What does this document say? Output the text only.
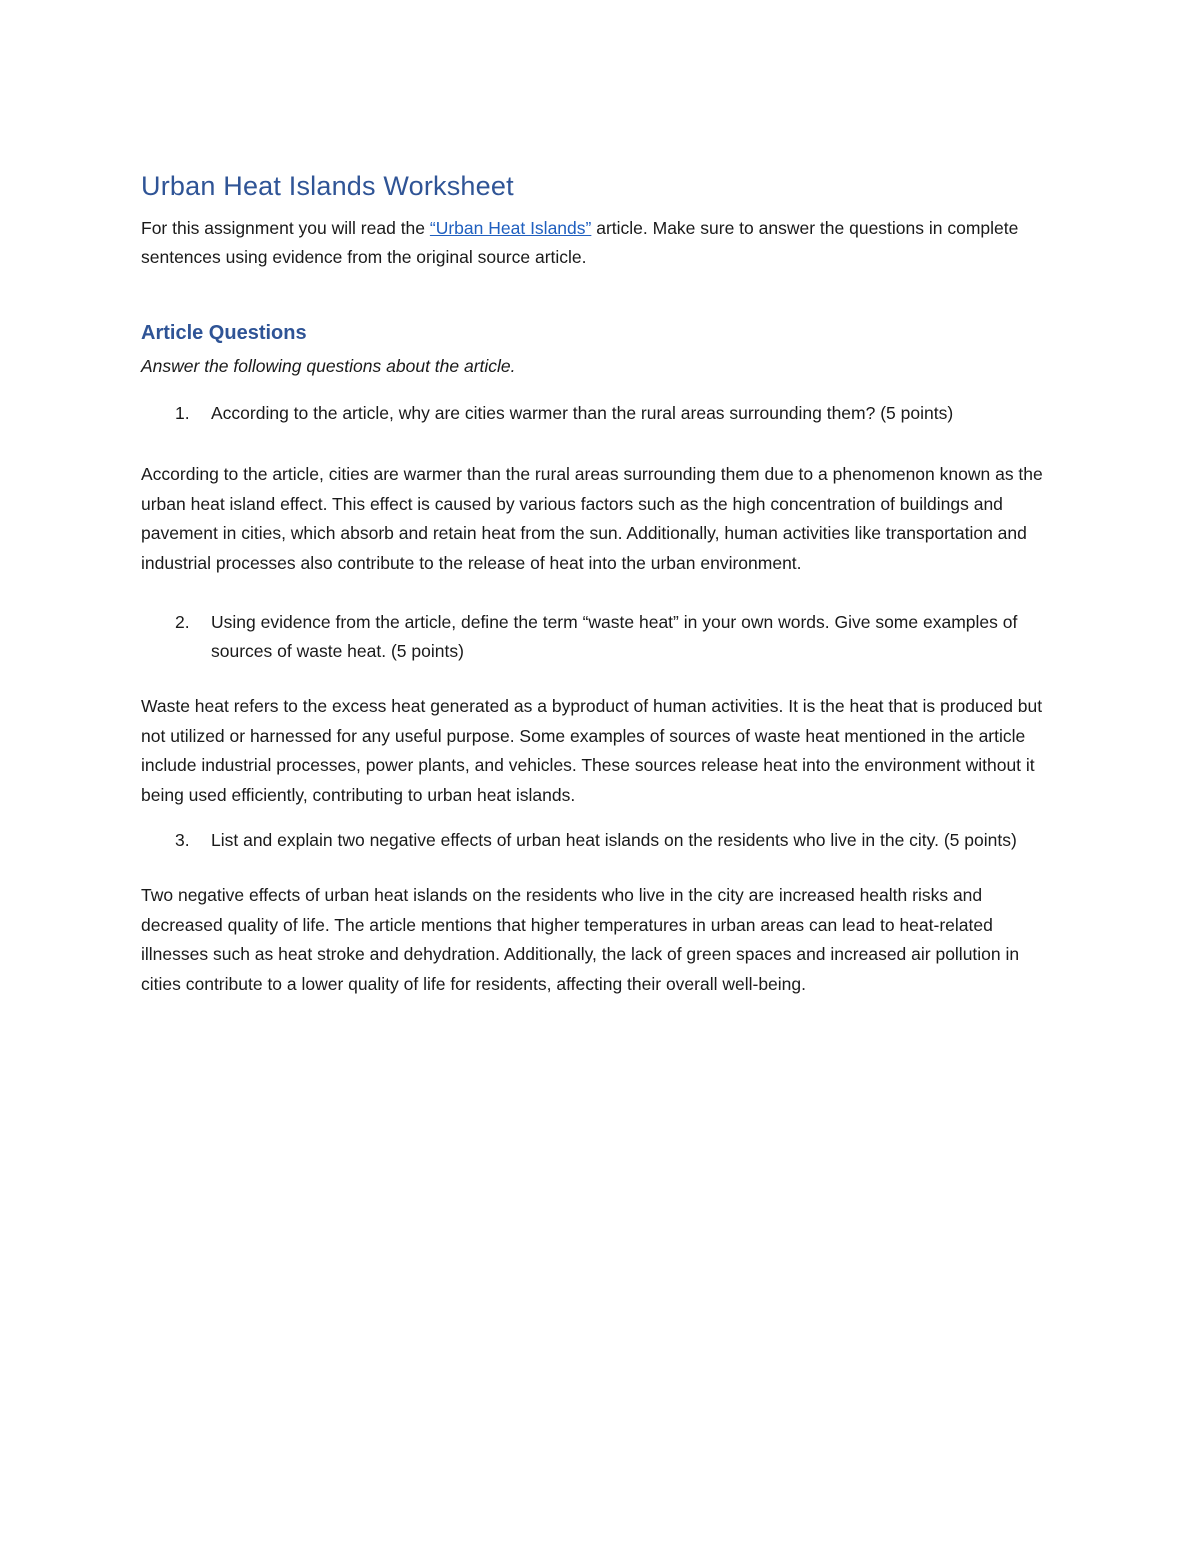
Urban Heat Islands Worksheet

For this assignment you will read the “Urban Heat Islands” article. Make sure to answer the questions in complete sentences using evidence from the original source article.

Article Questions

Answer the following questions about the article.

1.	According to the article, why are cities warmer than the rural areas surrounding them? (5 points)

According to the article, cities are warmer than the rural areas surrounding them due to a phenomenon known as the urban heat island effect. This effect is caused by various factors such as the high concentration of buildings and pavement in cities, which absorb and retain heat from the sun. Additionally, human activities like transportation and industrial processes also contribute to the release of heat into the urban environment.

2.	Using evidence from the article, define the term “waste heat” in your own words. Give some examples of sources of waste heat. (5 points)

Waste heat refers to the excess heat generated as a byproduct of human activities. It is the heat that is produced but not utilized or harnessed for any useful purpose. Some examples of sources of waste heat mentioned in the article include industrial processes, power plants, and vehicles. These sources release heat into the environment without it being used efficiently, contributing to urban heat islands.

3.	List and explain two negative effects of urban heat islands on the residents who live in the city. (5 points)

Two negative effects of urban heat islands on the residents who live in the city are increased health risks and decreased quality of life. The article mentions that higher temperatures in urban areas can lead to heat-related illnesses such as heat stroke and dehydration. Additionally, the lack of green spaces and increased air pollution in cities contribute to a lower quality of life for residents, affecting their overall well-being.
